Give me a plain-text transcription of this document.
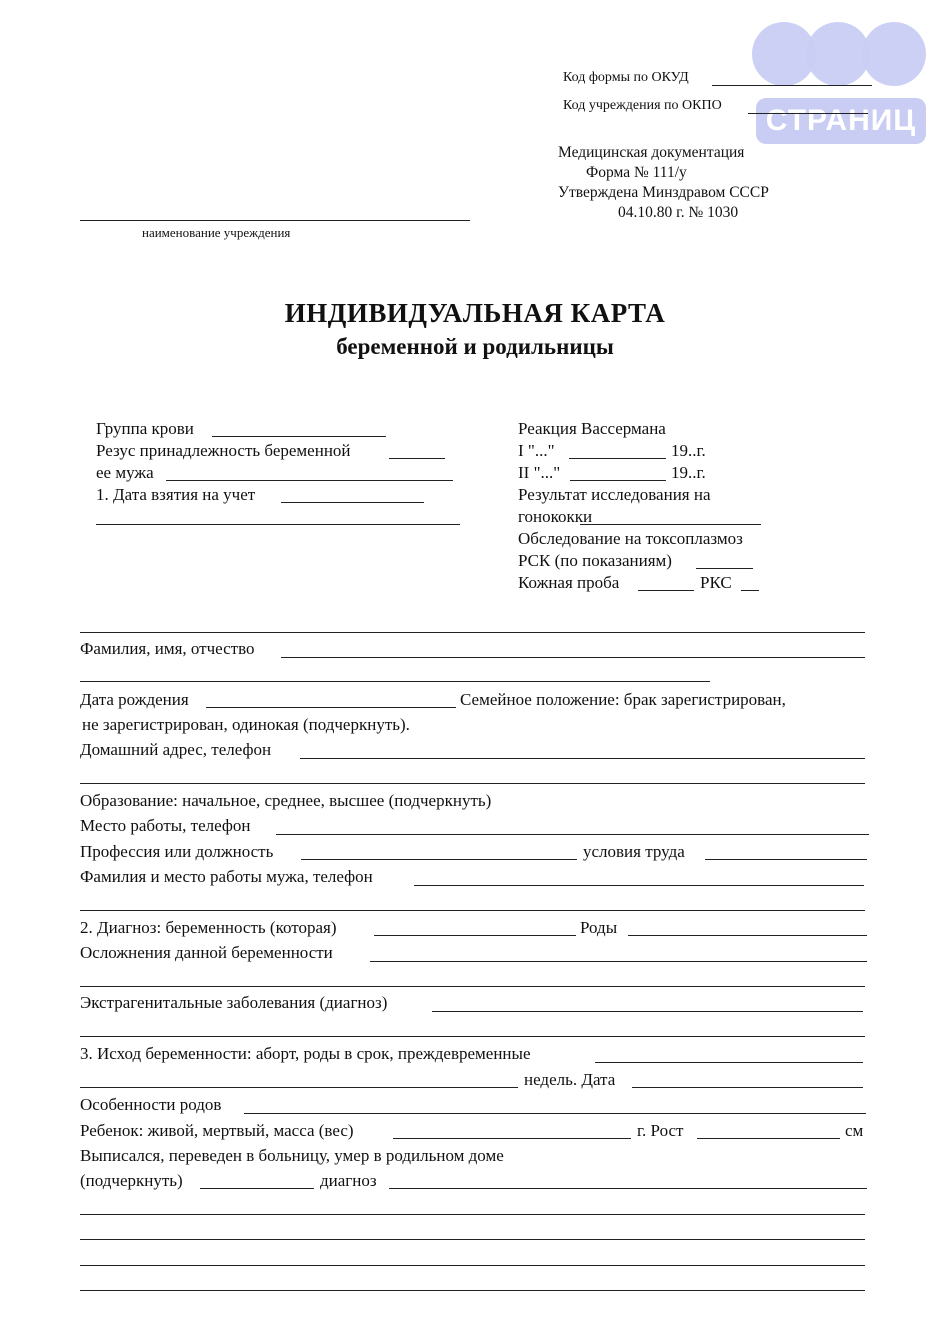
СТРАНИЦ
Код формы по ОКУД
Код учреждения по ОКПО
Медицинская документация
Форма № 111/у
Утверждена Минздравом СССР
04.10.80 г. № 1030
наименование учреждения
ИНДИВИДУАЛЬНАЯ КАРТА
беременной и родильницы
Группа крови
Резус принадлежность беременной
ее мужа
1. Дата взятия на учет
Реакция Вассермана
I "..."	19..г.
II "..."	19..г.
Результат исследования на
гонококки
Обследование на токсоплазмоз
РСК (по показаниям)
Кожная проба	РКС
Фамилия, имя, отчество
Дата рождения	Семейное положение: брак зарегистрирован,
не зарегистрирован, одинокая (подчеркнуть).
Домашний адрес, телефон
Образование: начальное, среднее, высшее (подчеркнуть)
Место работы, телефон
Профессия или должность	условия труда
Фамилия и место работы мужа, телефон
2. Диагноз: беременность (которая)	Роды
Осложнения данной беременности
Экстрагенитальные заболевания (диагноз)
3. Исход беременности: аборт, роды в срок, преждевременные
недель. Дата
Особенности родов
Ребенок: живой, мертвый, масса (вес)	г. Рост	см
Выписался, переведен в больницу, умер в родильном доме
(подчеркнуть)	диагноз
